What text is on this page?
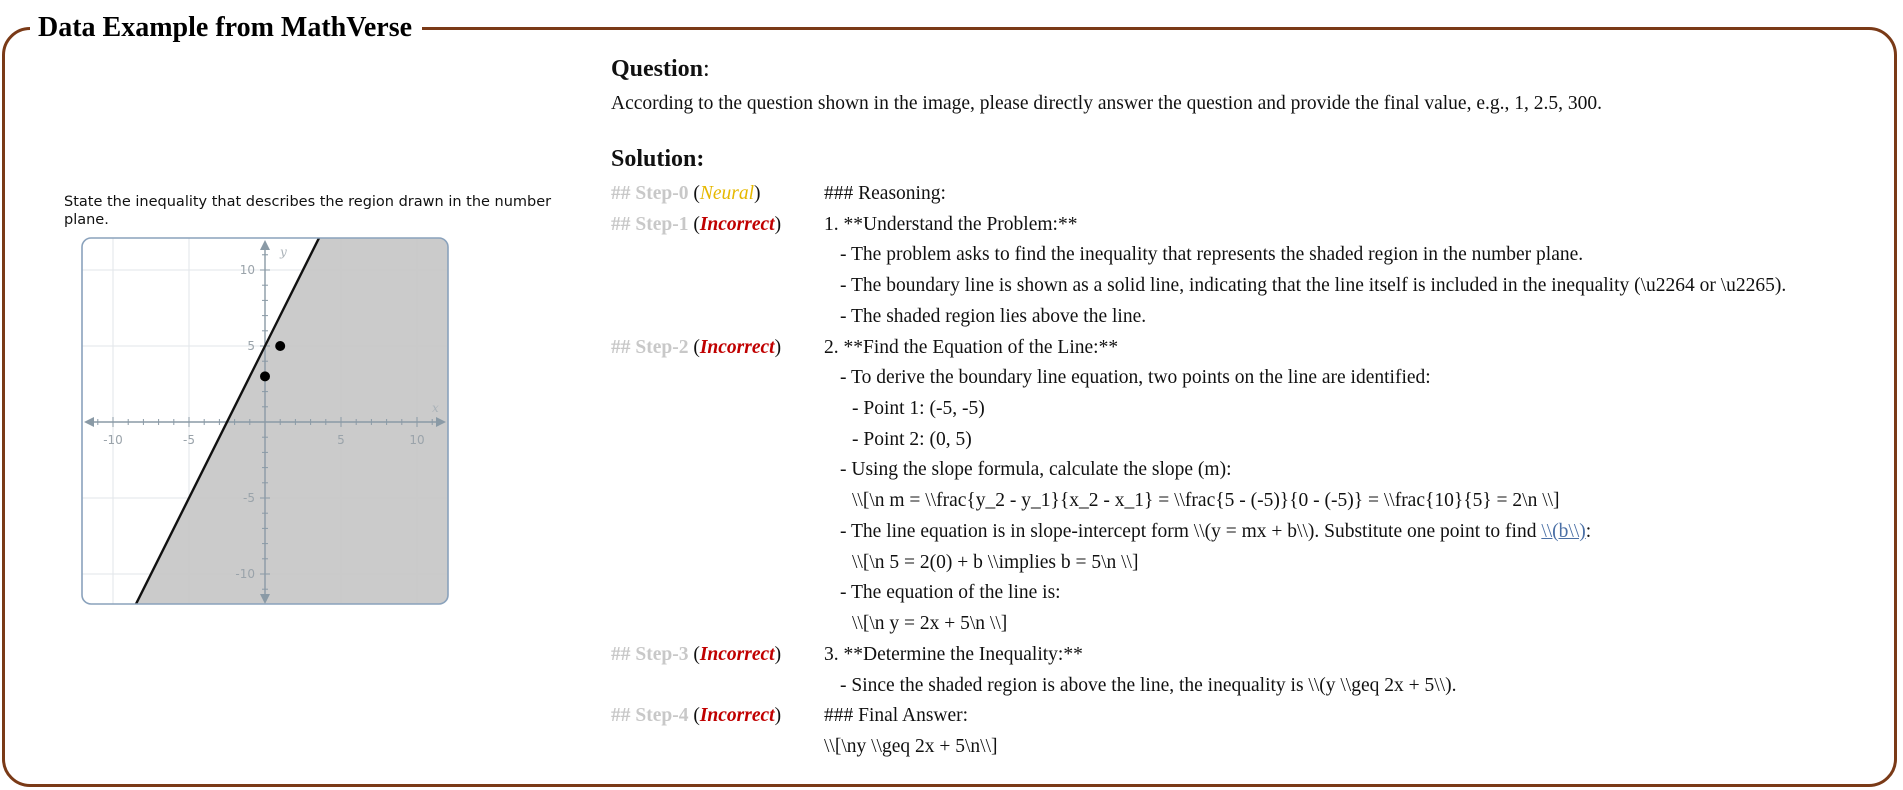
Data Example from MathVerse
State the inequality that describes the region drawn in the number plane.
-10	-5	5	10
10
5
-5
-10
x
y
Question:
According to the question shown in the image, please directly answer the question and provide the final value, e.g., 1, 2.5, 300.
Solution:
## Step-0 (Neural)	### Reasoning:
## Step-1 (Incorrect) 1. **Understand the Problem:**
- The problem asks to find the inequality that represents the shaded region in the number plane.
- The boundary line is shown as a solid line, indicating that the line itself is included in the inequality (\u2264 or \u2265).
- The shaded region lies above the line.
## Step-2 (Incorrect) 2. **Find the Equation of the Line:**
- To derive the boundary line equation, two points on the line are identified:
- Point 1: (-5, -5)
- Point 2: (0, 5)
- Using the slope formula, calculate the slope (m):
\\[\n m = \\frac{y_2 - y_1}{x_2 - x_1} = \\frac{5 - (-5)}{0 - (-5)} = \\frac{10}{5} = 2\n \\]
- The line equation is in slope-intercept form \\(y = mx + b\\). Substitute one point to find \\(b\\):
\\[\n 5 = 2(0) + b \\implies b = 5\n \\]
- The equation of the line is:
\\[\n y = 2x + 5\n \\]
## Step-3 (Incorrect) 3. **Determine the Inequality:**
- Since the shaded region is above the line, the inequality is \\(y \\geq 2x + 5\\).
## Step-4 (Incorrect) ### Final Answer:
\\[\ny \\geq 2x + 5\n\\]
